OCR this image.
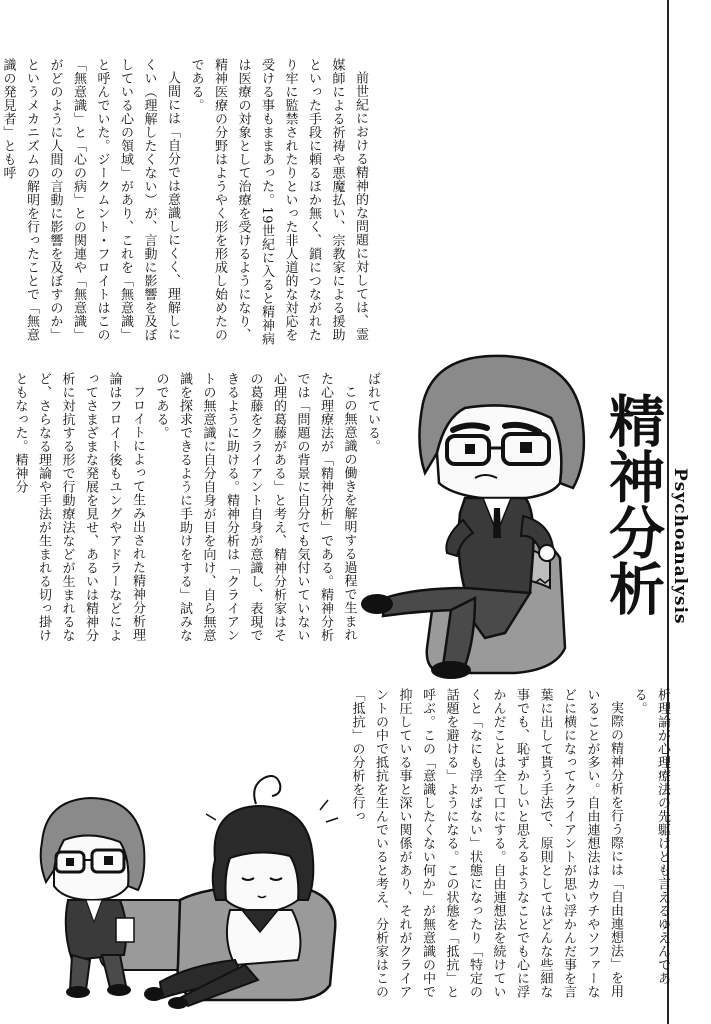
精神分析 Psychoanalysis

前世紀における精神的な問題に対しては、霊媒師による祈祷や悪魔払い、宗教家による援助といった手段に頼るほか無く、鎖につながれたり牢に監禁されたりといった非人道的な対応を受ける事もままあった。19世紀に入ると精神病は医療の対象として治療を受けるようになり、精神医療の分野はようやく形を形成し始めたのである。

人間には「自分では意識しにくく、理解しにくい（理解したくない）が、言動に影響を及ぼしている心の領域」があり、これを「無意識」と呼んでいた。ジークムント・フロイトはこの「無意識」と「心の病」との関連や「無意識」がどのように人間の言動に影響を及ぼすのか」というメカニズムの解明を行ったことで「無意識の発見者」とも呼

ばれている。

この無意識の働きを解明する過程で生まれた心理療法が「精神分析」である。精神分析では「問題の背景に自分でも気付いていない心理的葛藤がある」と考え、精神分析家はその葛藤をクライアント自身が意識し、表現できるように助ける。精神分析は「クライアントの無意識に自分自身が目を向け、自ら無意識を探求できるように手助けをする」試みなのである。

フロイトによって生み出された精神分析理論はフロイト後もユングやアドラーなどによってさまざまな発展を見せ、あるいは精神分析に対抗する形で行動療法などが生まれるなど、さらなる理論や手法が生まれる切っ掛けともなった。精神分

析理論が心理療法の先駆けとも言えるゆえんである。

実際の精神分析を行う際には「自由連想法」を用いることが多い。自由連想法はカウチやソファーなどに横になってクライアントが思い浮かんだ事を言葉に出して貰う手法で、原則としてはどんな些細な事でも、恥ずかしいと思えるようなことでも心に浮かんだことは全て口にする。自由連想法を続けていくと「なにも浮かばない」状態になったり「特定の話題を避ける」ようになる。この状態を「抵抗」と呼ぶ。この「意識したくない何か」が無意識の中で抑圧している事と深い関係があり、それがクライアントの中で抵抗を生んでいると考え、分析家はこの「抵抗」の分析を行っ
